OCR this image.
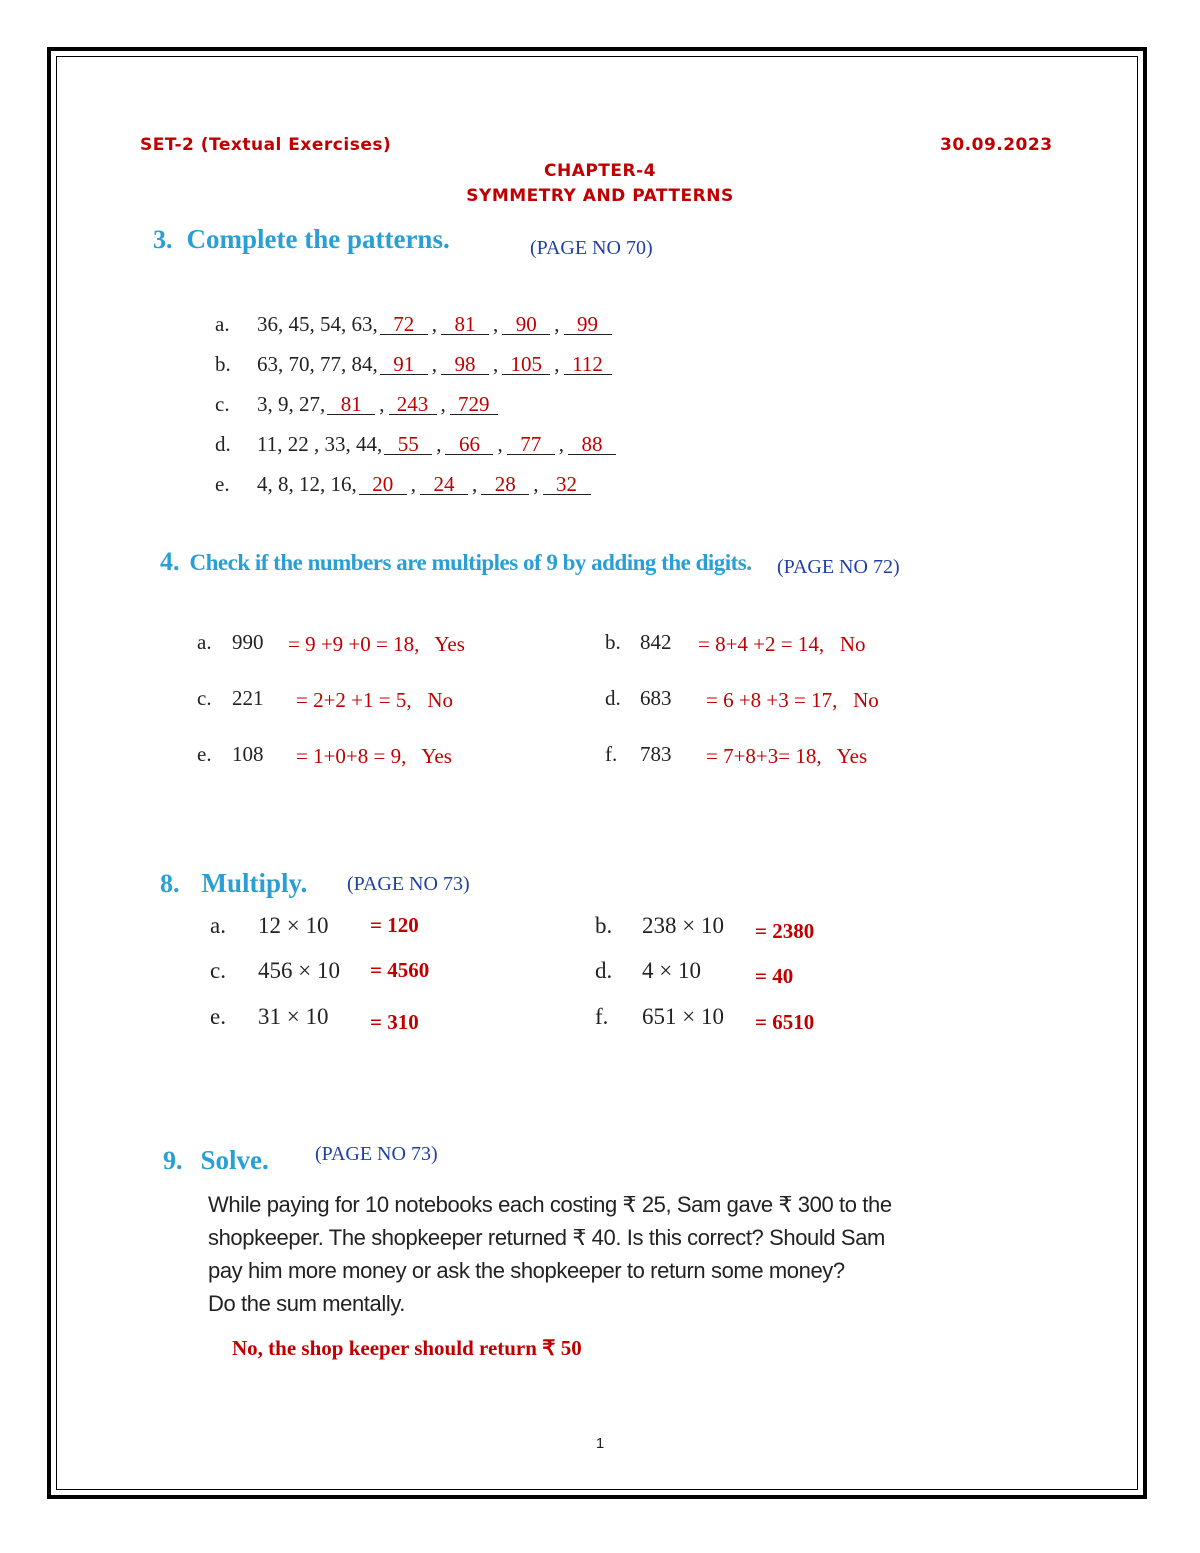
SET-2 (Textual Exercises)	30.09.2023
CHAPTER-4
SYMMETRY AND PATTERNS
3. Complete the patterns.	(PAGE NO 70)
a. 36, 45, 54, 63, 72 , 81 , 90 , 99
b. 63, 70, 77, 84, 91 , 98 , 105 , 112
c. 3, 9, 27, 81 , 243 , 729
d. 11, 22 , 33, 44, 55 , 66 , 77 , 88
e. 4, 8, 12, 16, 20 , 24 , 28 , 32
4. Check if the numbers are multiples of 9 by adding the digits. (PAGE NO 72)
a. 990 = 9 +9 +0 = 18,   Yes	b. 842 = 8+4 +2 = 14,   No
c. 221 = 2+2 +1 = 5,   No	d. 683 = 6 +8 +3 = 17,   No
e. 108 = 1+0+8 = 9,   Yes	f. 783 = 7+8+3= 18,   Yes
8. Multiply. (PAGE NO 73)
a. 12 × 10 = 120	b. 238 × 10 = 2380
c. 456 × 10 = 4560	d. 4 × 10	= 40
e. 31 × 10 = 310	f. 651 × 10 = 6510
9. Solve. (PAGE NO 73)
While paying for 10 notebooks each costing ₹ 25, Sam gave ₹ 300 to the
shopkeeper. The shopkeeper returned ₹ 40. Is this correct? Should Sam
pay him more money or ask the shopkeeper to return some money?
Do the sum mentally.
No, the shop keeper should return ₹ 50
1
